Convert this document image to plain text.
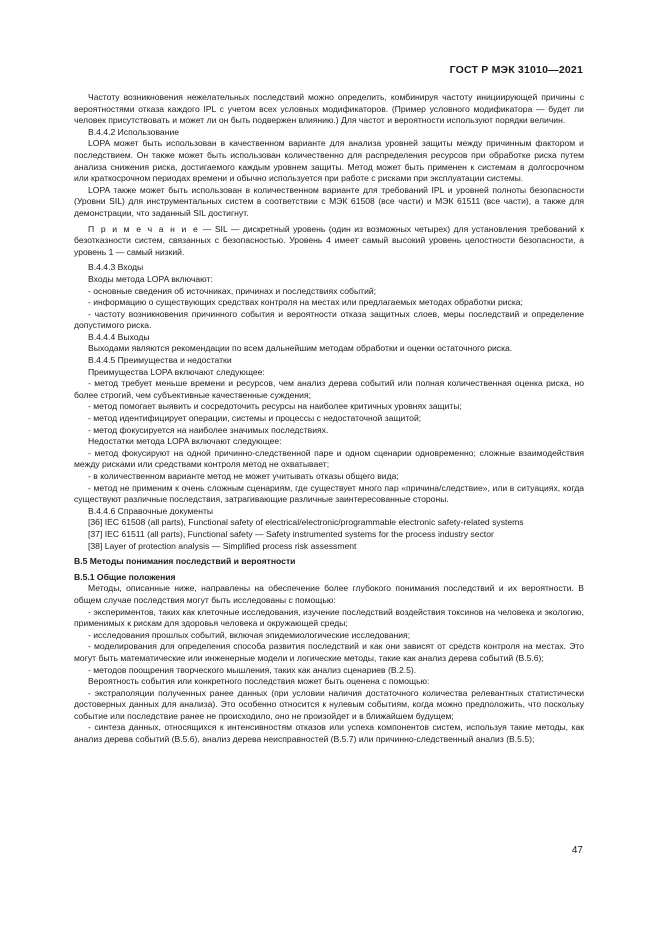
ГОСТ Р МЭК 31010—2021

Частоту возникновения нежелательных последствий можно определить, комбинируя частоту инициирующей причины с вероятностями отказа каждого IPL с учетом всех условных модификаторов. (Пример условного модификатора — будет ли человек присутствовать и может ли он быть подвержен влиянию.) Для частот и вероятности используют порядки величин.

B.4.4.2 Использование

LOPA может быть использован в качественном варианте для анализа уровней защиты между причинным фактором и последствием. Он также может быть использован количественно для распределения ресурсов при обработке риска путем анализа снижения риска, достигаемого каждым уровнем защиты. Метод может быть применен к системам в долгосрочном или краткосрочном периодах времени и обычно используется при работе с рисками при эксплуатации системы.

LOPA также может быть использован в количественном варианте для требований IPL и уровней полноты безопасности (Уровни SIL) для инструментальных систем в соответствии с МЭК 61508 (все части) и МЭК 61511 (все части), а также для демонстрации, что заданный SIL достигнут.

П р и м е ч а н и е — SIL — дискретный уровень (один из возможных четырех) для установления требований к безотказности систем, связанных с безопасностью. Уровень 4 имеет самый высокий уровень целостности безопасности, а уровень 1 — самый низкий.

B.4.4.3 Входы

Входы метода LOPA включают:

- основные сведения об источниках, причинах и последствиях событий;

- информацию о существующих средствах контроля на местах или предлагаемых методах обработки риска;

- частоту возникновения причинного события и вероятности отказа защитных слоев, меры последствий и определение допустимого риска.

B.4.4.4 Выходы

Выходами являются рекомендации по всем дальнейшим методам обработки и оценки остаточного риска.

B.4.4.5 Преимущества и недостатки

Преимущества LOPA включают следующее:

- метод требует меньше времени и ресурсов, чем анализ дерева событий или полная количественная оценка риска, но более строгий, чем субъективные качественные суждения;

- метод помогает выявить и сосредоточить ресурсы на наиболее критичных уровнях защиты;

- метод идентифицирует операции, системы и процессы с недостаточной защитой;

- метод фокусируется на наиболее значимых последствиях.

Недостатки метода LOPA включают следующее:

- метод фокусируют на одной причинно-следственной паре и одном сценарии одновременно; сложные взаимодействия между рисками или средствами контроля метод не охватывает;

- в количественном варианте метод не может учитывать отказы общего вида;

- метод не применим к очень сложным сценариям, где существует много пар «причина/следствие», или в ситуациях, когда существуют различные последствия, затрагивающие различные заинтересованные стороны.

B.4.4.6 Справочные документы

[36] IEC 61508 (all parts), Functional safety of electrical/electronic/programmable electronic safety-related systems

[37] IEC 61511 (all parts), Functional safety — Safety instrumented systems for the process industry sector

[38] Layer of protection analysis — Simplified process risk assessment

B.5 Методы понимания последствий и вероятности

B.5.1 Общие положения

Методы, описанные ниже, направлены на обеспечение более глубокого понимания последствий и их вероятности. В общем случае последствия могут быть исследованы с помощью:

- экспериментов, таких как клеточные исследования, изучение последствий воздействия токсинов на человека и экологию, применимых к рискам для здоровья человека и окружающей среды;

- исследования прошлых событий, включая эпидемиологические исследования;

- моделирования для определения способа развития последствий и как они зависят от средств контроля на местах. Это могут быть математические или инженерные модели и логические методы, такие как анализ дерева событий (B.5.6);

- методов поощрения творческого мышления, таких как анализ сценариев (B.2.5).

Вероятность события или конкретного последствия может быть оценена с помощью:

- экстраполяции полученных ранее данных (при условии наличия достаточного количества релевантных статистически достоверных данных для анализа). Это особенно относится к нулевым событиям, когда можно предположить, что поскольку событие или последствие ранее не происходило, оно не произойдет и в ближайшем будущем;

- синтеза данных, относящихся к интенсивностям отказов или успеха компонентов систем, используя такие методы, как анализ дерева событий (B.5.6), анализ дерева неисправностей (B.5.7) или причинно-следственный анализ (B.5.5);

47
